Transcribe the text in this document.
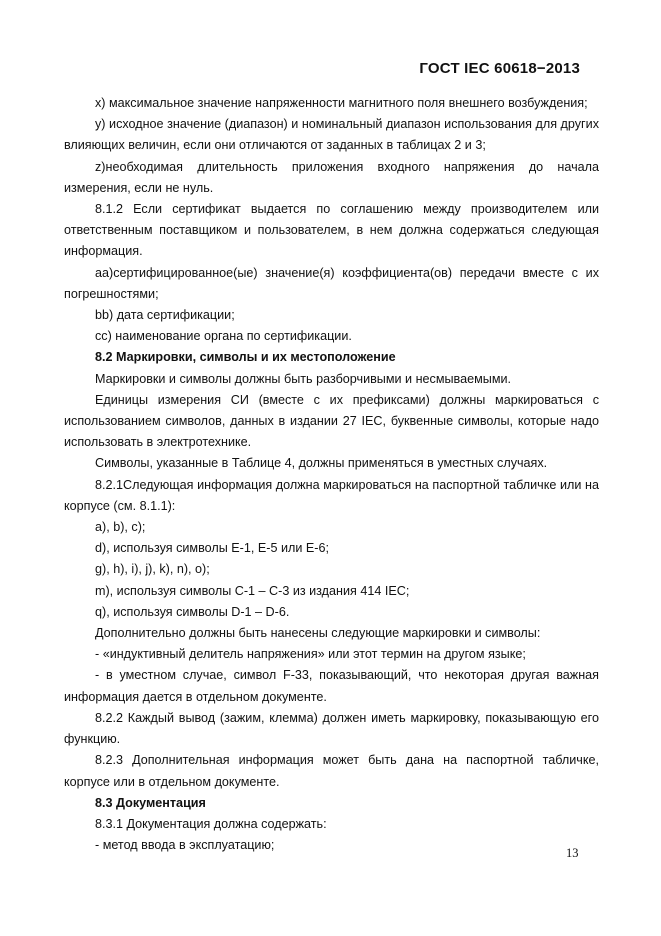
ГОСТ IEC 60618−2013

x) максимальное значение напряженности магнитного поля внешнего возбуждения;

y) исходное значение (диапазон) и номинальный диапазон использования для других влияющих величин, если они отличаются от заданных в таблицах 2 и 3;

z)необходимая длительность приложения входного напряжения до начала измерения, если не нуль.

8.1.2 Если сертификат выдается по соглашению между производителем или ответственным поставщиком и пользователем, в нем должна содержаться следующая информация.

aa)сертифицированное(ые) значение(я) коэффициента(ов) передачи вместе с их погрешностями;

bb) дата сертификации;

cc) наименование органа по сертификации.

8.2 Маркировки, символы и их местоположение

Маркировки и символы должны быть разборчивыми и несмываемыми.

Единицы измерения СИ (вместе с их префиксами) должны маркироваться с использованием символов, данных в издании 27 IEC, буквенные символы, которые надо использовать в электротехнике.

Символы, указанные в Таблице 4, должны применяться в уместных случаях.

8.2.1Следующая информация должна маркироваться на паспортной табличке или на корпусе (см. 8.1.1):

a), b), c);

d), используя символы E-1, E-5 или E-6;

g), h), i), j), k), n), o);

m), используя символы C-1 – C-3 из издания 414 IEC;

q), используя символы D-1 – D-6.

Дополнительно должны быть нанесены следующие маркировки и символы:

- «индуктивный делитель напряжения» или этот термин на другом языке;

- в уместном случае, символ F-33, показывающий, что некоторая другая важная информация дается в отдельном документе.

8.2.2 Каждый вывод (зажим, клемма) должен иметь маркировку, показывающую его функцию.

8.2.3 Дополнительная информация может быть дана на паспортной табличке, корпусе или в отдельном документе.

8.3 Документация

8.3.1 Документация должна содержать:

- метод ввода в эксплуатацию;

13
